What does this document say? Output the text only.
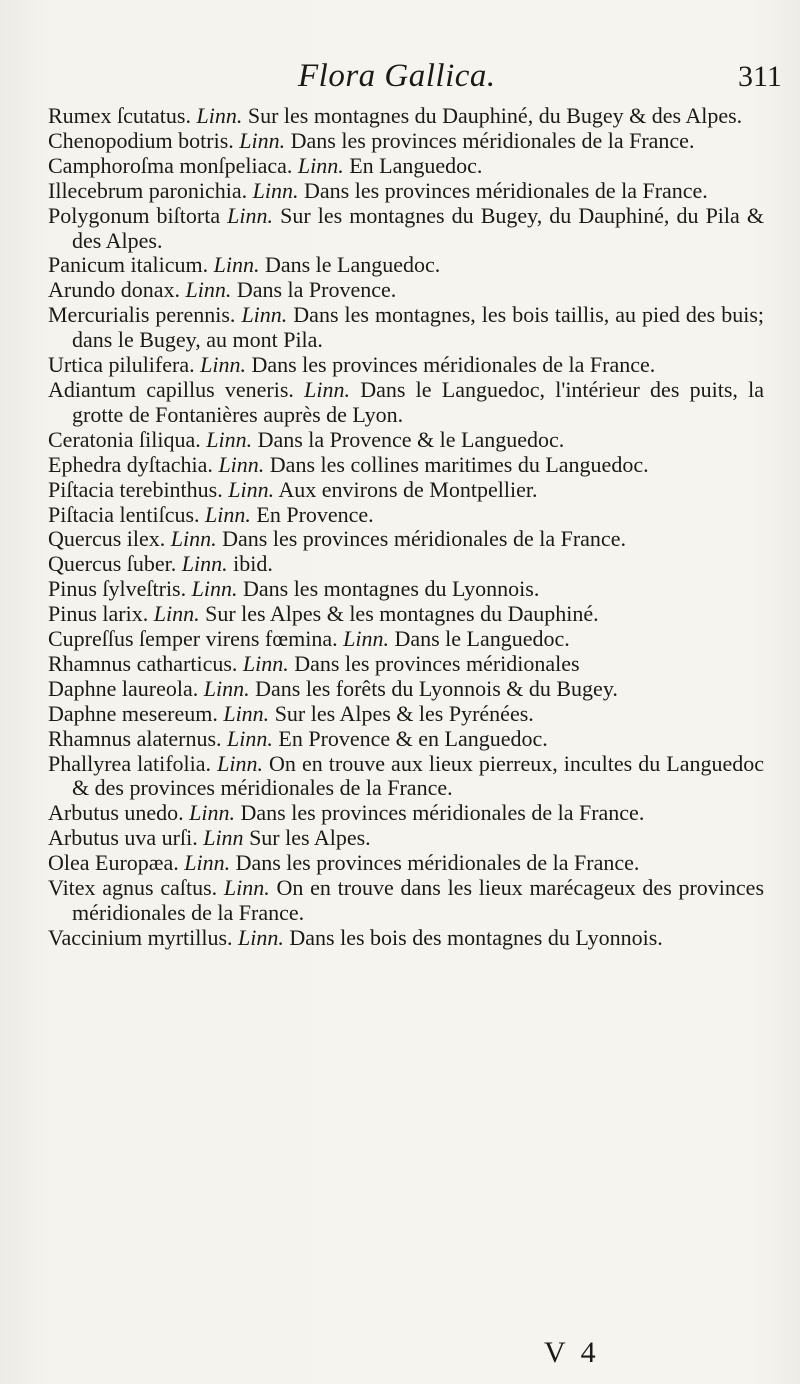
Flora Gallica.	311
Rumex ſcutatus. Linn. Sur les montagnes du Dauphiné, du Bugey & des Alpes.
Chenopodium botris. Linn. Dans les provinces méridionales de la France.
Camphoroſma monſpeliaca. Linn. En Languedoc.
Illecebrum paronichia. Linn. Dans les provinces méridionales de la France.
Polygonum biſtorta Linn. Sur les montagnes du Bugey, du Dauphiné, du Pila & des Alpes.
Panicum italicum. Linn. Dans le Languedoc.
Arundo donax. Linn. Dans la Provence.
Mercurialis perennis. Linn. Dans les montagnes, les bois taillis, au pied des buis; dans le Bugey, au mont Pila.
Urtica pilulifera. Linn. Dans les provinces méridionales de la France.
Adiantum capillus veneris. Linn. Dans le Languedoc, l'intérieur des puits, la grotte de Fontanières auprès de Lyon.
Ceratonia ſiliqua. Linn. Dans la Provence & le Languedoc.
Ephedra dyſtachia. Linn. Dans les collines maritimes du Languedoc.
Piſtacia terebinthus. Linn. Aux environs de Montpellier.
Piſtacia lentiſcus. Linn. En Provence.
Quercus ilex. Linn. Dans les provinces méridionales de la France.
Quercus ſuber. Linn. ibid.
Pinus ſylveſtris. Linn. Dans les montagnes du Lyonnois.
Pinus larix. Linn. Sur les Alpes & les montagnes du Dauphiné.
Cupreſſus ſemper virens fœmina. Linn. Dans le Languedoc.
Rhamnus catharticus. Linn. Dans les provinces méridionales
Daphne laureola. Linn. Dans les forêts du Lyonnois & du Bugey.
Daphne mesereum. Linn. Sur les Alpes & les Pyrénées.
Rhamnus alaternus. Linn. En Provence & en Languedoc.
Phallyrea latifolia. Linn. On en trouve aux lieux pierreux, incultes du Languedoc & des provinces méridionales de la France.
Arbutus unedo. Linn. Dans les provinces méridionales de la France.
Arbutus uva urſi. Linn Sur les Alpes.
Olea Europæa. Linn. Dans les provinces méridionales de la France.
Vitex agnus caſtus. Linn. On en trouve dans les lieux marécageux des provinces méridionales de la France.
Vaccinium myrtillus. Linn. Dans les bois des montagnes du Lyonnois.
V 4
